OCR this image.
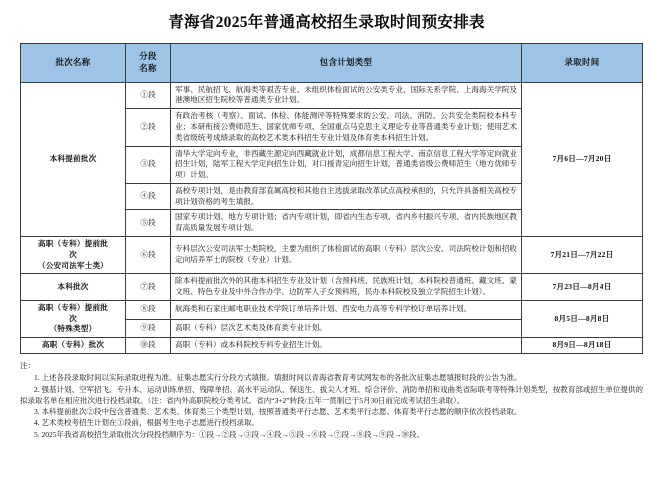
青海省2025年普通高校招生录取时间预安排表
批次名称	分段
名称	包含计划类型	录取时间
本科提前批次	①段	军事、民航招飞、航海类等艰苦专业、未组织体检面试的公安类专业，国际关系学院、上海海关学院及港澳地区招生院校等普通类专业计划。	7月6日—7月20日
	②段	有政治考核（考察）、面试、体检、体能测评等特殊要求的公安、司法、消防、公共安全类院校本科专业；本研衔接公费师范生、国家优师专项、全国重点马克思主义理论专业等普通类专业计划；使用艺术类省级统考成绩录取的高校艺术类本科招生专业计划及体育类本科招生计划。	
	③段	清华大学定向专业，非西藏生源定向西藏就业计划，成都信息工程大学、南京信息工程大学等定向就业招生计划，陆军工程大学定向招生计划，对口援青定向招生计划，普通类省级公费师范生（地方优师专项）计划。	
	④段	高校专项计划，是由教育部直属高校和其他自主选拔录取改革试点高校承担的，只允许具备相关高校专项计划资格的考生填报。	
	⑤段	国家专项计划、地方专项计划；省内专项计划，即省内生态专项、省内乡村振兴专项、省内民族地区教育高质量发展专项计划。	

高职（专科）提前批
次
（公安司法军士类）	⑥段	专科层次公安司法军士类院校，主要为组织了体检面试的高职（专科）层次公安、司法院校计划和招收定向培养军士的院校（专业）计划。	7月21日—7月22日
本科批次	⑦段	除本科提前批次外的其他本科招生专业及计划（含预科班、民族班计划，本科院校普通班、藏文班、蒙文班、特色专业及中外合作办学、边防军人子女预科班，民办本科院校及独立学院招生计划）。	7月23日—8月4日

高职（专科）提前批
次
（特殊类型）	⑧段	航海类和石家庄邮电职业技术学院订单培养计划、西安电力高等专科学校订单培养计划。	8月5日—8月8日
	⑨段	高职（专科）层次艺术类及体育类专业计划。	
高职（专科）批次	⑩段	高职（专科）或本科院校专科专业招生计划。	8月9日—8月18日
注：
1. 上述各段录取时间以实际录取进程为准。征集志愿实行分段方式填报。填报时间以青海省教育考试网发布的各批次征集志愿填报时段的公告为准。
2. 强基计划、空军招飞、专升本、运动训练单招、残障单招、高水平运动队、保送生、拔尖人才班、综合评价、消防单招和戏曲类省际联考等特殊计划类型，按教育部或招生单位提供的拟录取名单在相应批次进行投档录取。（注：省内外高职院校分类考试、省内“3+2”转段/五年一贯制已于5月30日前完成考试招生录取）。
3. 本科提前批次②段中包含普通类、艺术类、体育类三个类型计划，按照普通类平行志愿、艺术类平行志愿、体育类平行志愿的顺序依次投档录取。
4. 艺术类校考招生计划在①段前，根据考生电子志愿进行投档录取。
5. 2025年我省高校招生录取批次分段投档顺序为：①段→②段→③段→④段→⑤段→⑥段→⑦段→⑧段→⑨段→⑩段。
